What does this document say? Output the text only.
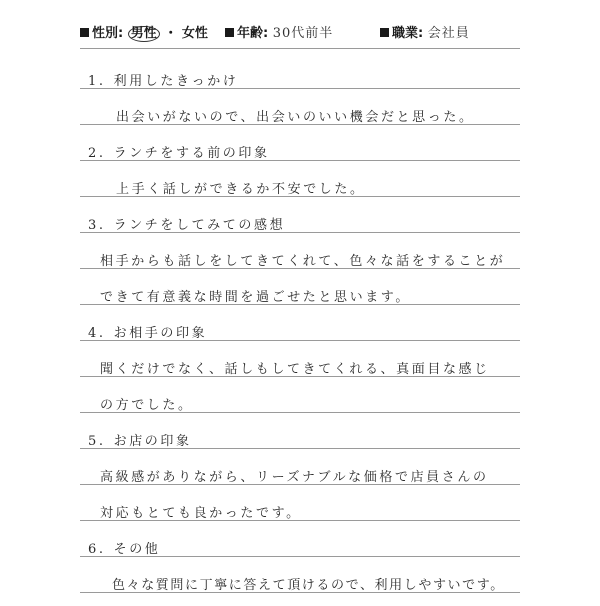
性別: 男性 ・ 女性	年齢: 30代前半	職業: 会社員
1. 利用したきっかけ
出会いがないので、出会いのいい機会だと思った。
2. ランチをする前の印象
上手く話しができるか不安でした。
3. ランチをしてみての感想
相手からも話しをしてきてくれて、色々な話をすることが
できて有意義な時間を過ごせたと思います。
4. お相手の印象
聞くだけでなく、話しもしてきてくれる、真面目な感じ
の方でした。
5. お店の印象
高級感がありながら、リーズナブルな価格で店員さんの
対応もとても良かったです。
6. その他
色々な質問に丁寧に答えて頂けるので、利用しやすいです。
